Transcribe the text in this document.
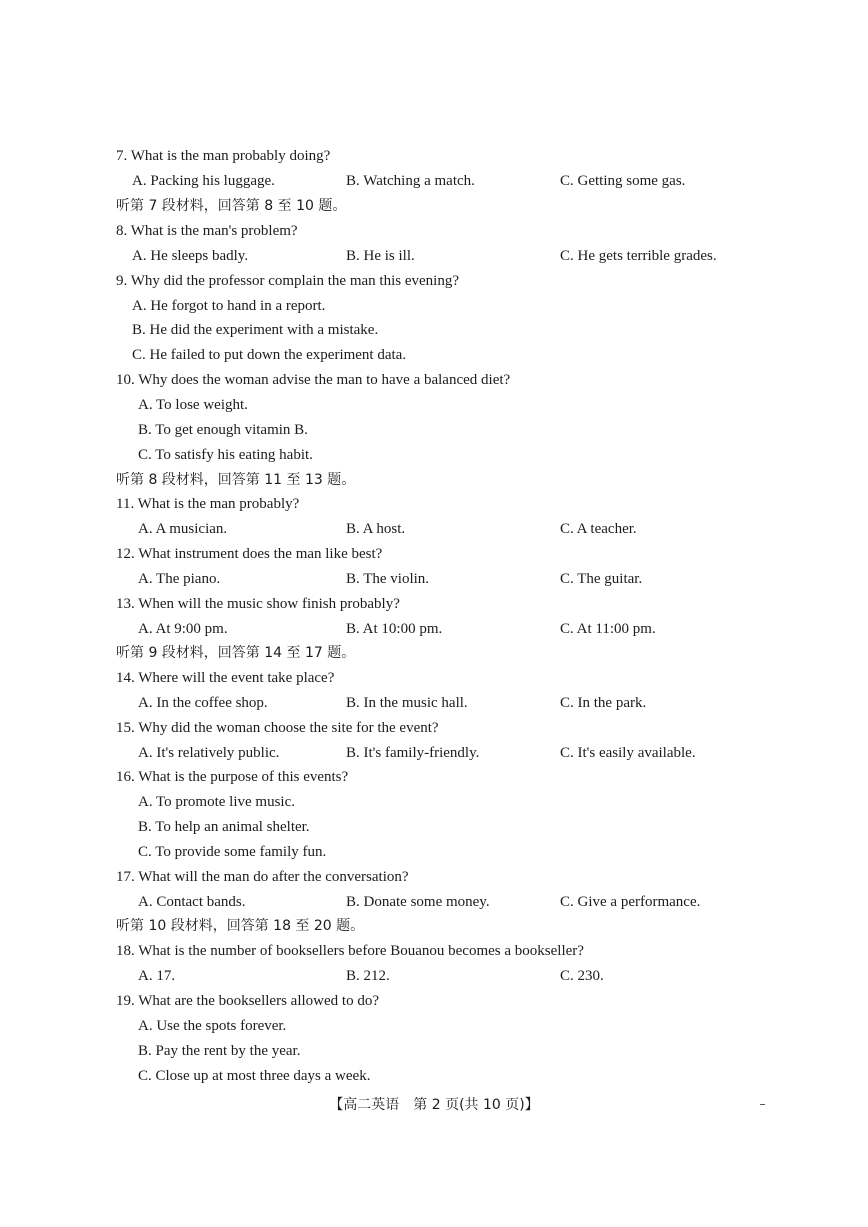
7. What is the man probably doing?
A. Packing his luggage.	B. Watching a match.	C. Getting some gas.
听第 7 段材料，回答第 8 至 10 题。
8. What is the man's problem?
A. He sleeps badly.	B. He is ill.	C. He gets terrible grades.
9. Why did the professor complain the man this evening?
A. He forgot to hand in a report.
B. He did the experiment with a mistake.
C. He failed to put down the experiment data.
10. Why does the woman advise the man to have a balanced diet?
A. To lose weight.
B. To get enough vitamin B.
C. To satisfy his eating habit.
听第 8 段材料，回答第 11 至 13 题。
11. What is the man probably?
A. A musician.	B. A host.	C. A teacher.
12. What instrument does the man like best?
A. The piano.	B. The violin.	C. The guitar.
13. When will the music show finish probably?
A. At 9:00 pm.	B. At 10:00 pm.	C. At 11:00 pm.
听第 9 段材料，回答第 14 至 17 题。
14. Where will the event take place?
A. In the coffee shop.	B. In the music hall.	C. In the park.
15. Why did the woman choose the site for the event?
A. It's relatively public.	B. It's family-friendly.	C. It's easily available.
16. What is the purpose of this events?
A. To promote live music.
B. To help an animal shelter.
C. To provide some family fun.
17. What will the man do after the conversation?
A. Contact bands.	B. Donate some money.	C. Give a performance.
听第 10 段材料，回答第 18 至 20 题。
18. What is the number of booksellers before Bouanou becomes a bookseller?
A. 17.	B. 212.	C. 230.
19. What are the booksellers allowed to do?
A. Use the spots forever.
B. Pay the rent by the year.
C. Close up at most three days a week.
【高二英语　第 2 页(共 10 页)】
